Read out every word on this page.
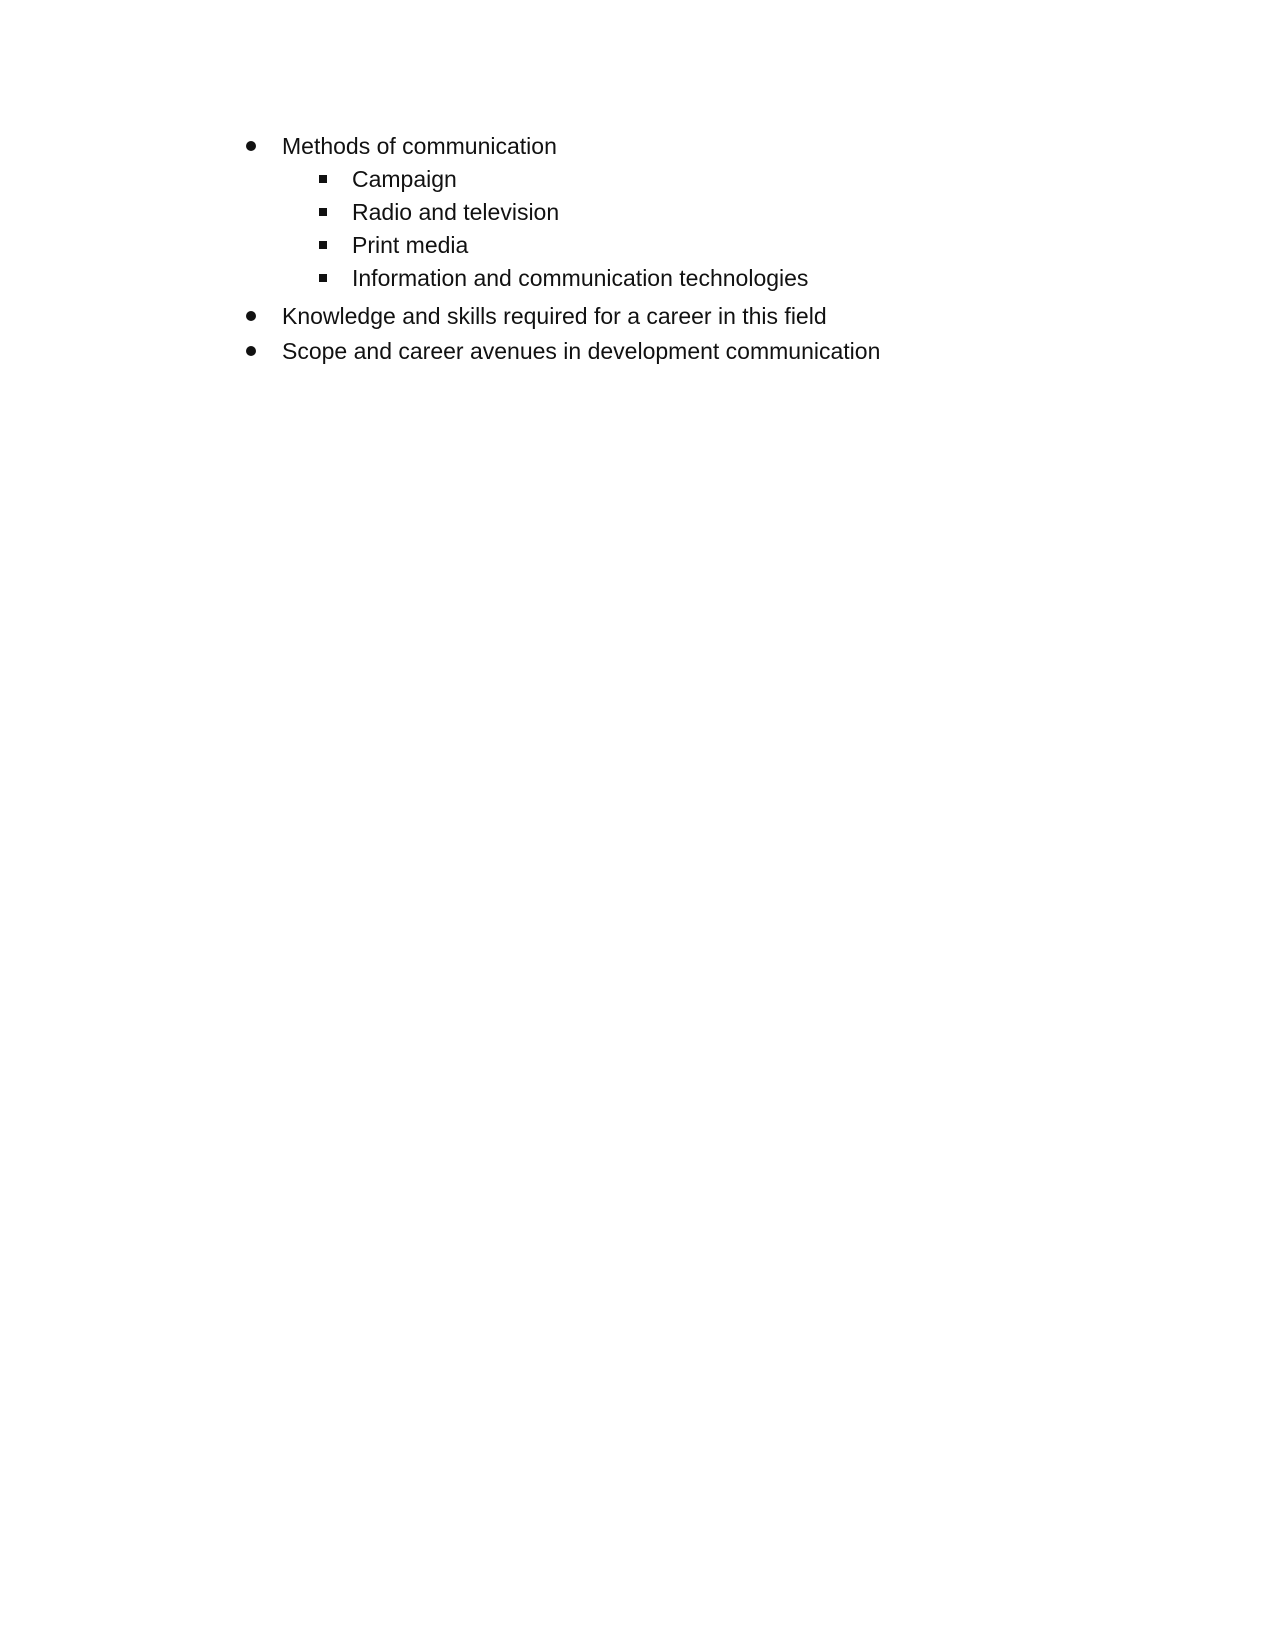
Methods of communication
Campaign
Radio and television
Print media
Information and communication technologies
Knowledge and skills required for a career in this field
Scope and career avenues in development communication
